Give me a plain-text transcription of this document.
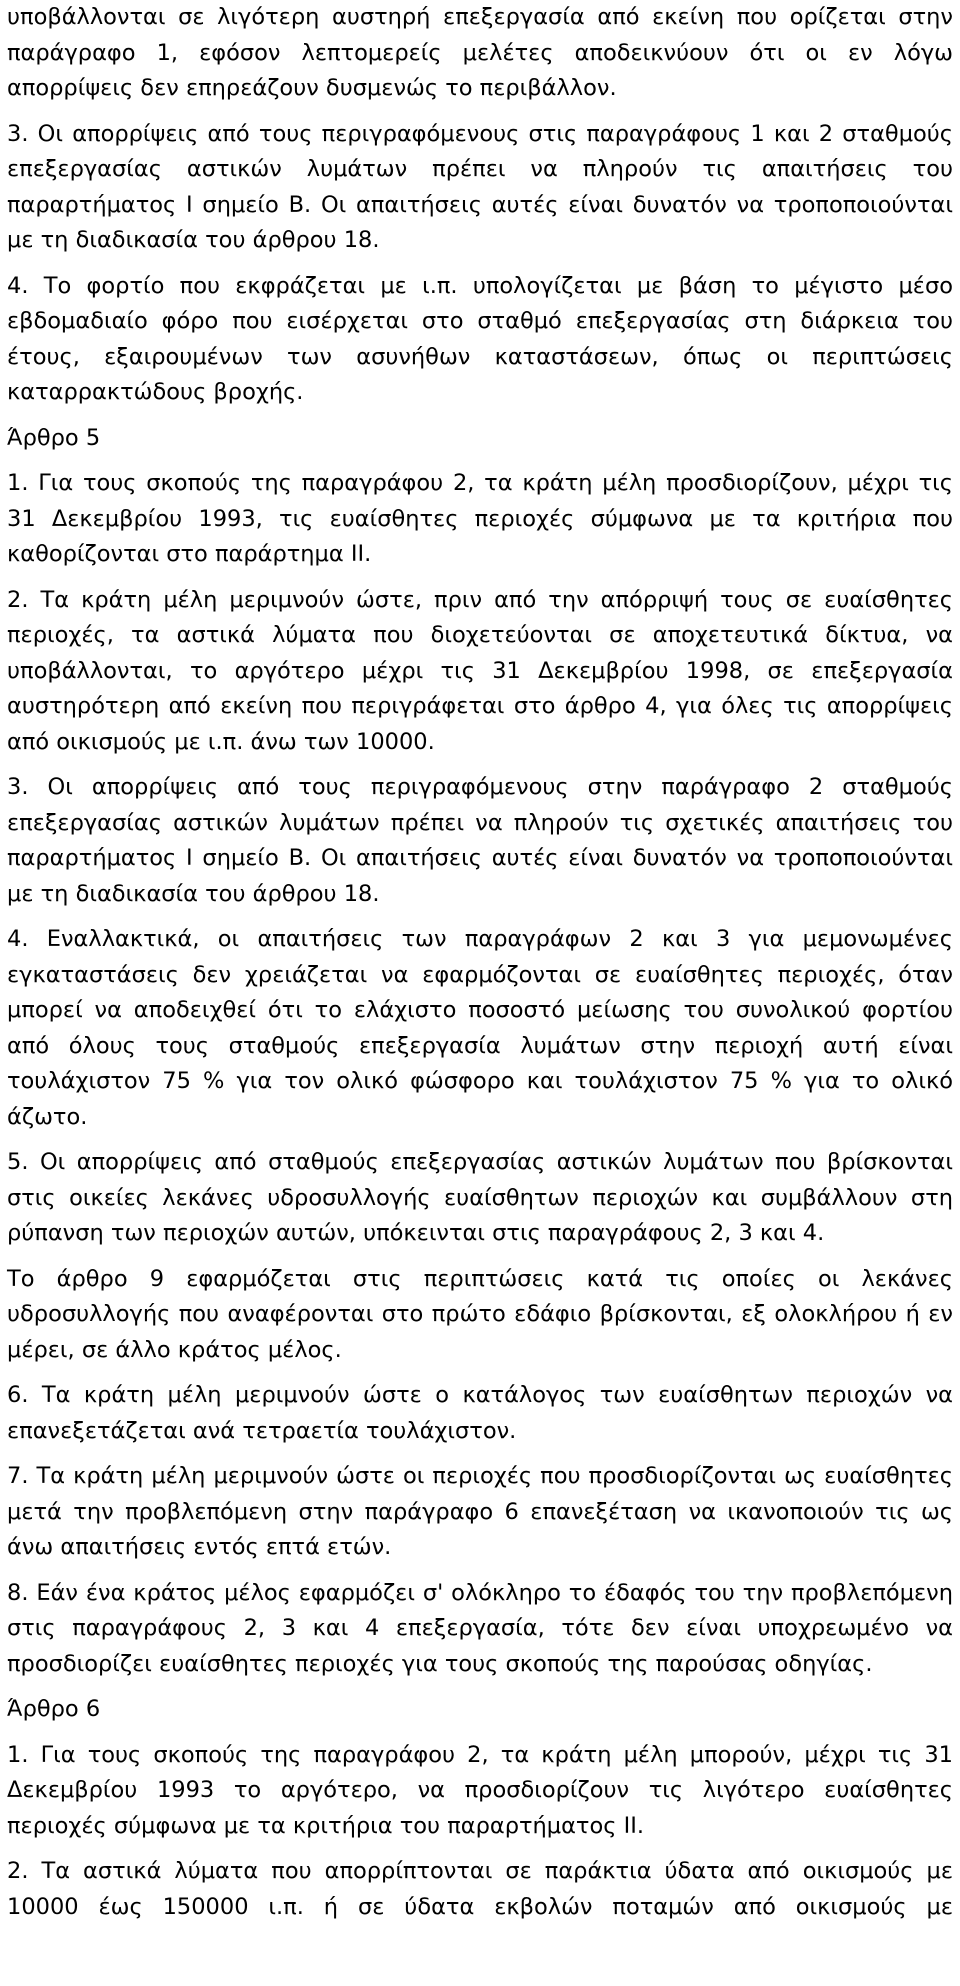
υποβάλλονται σε λιγότερη αυστηρή επεξεργασία από εκείνη που ορίζεται στην παράγραφο 1, εφόσον λεπτομερείς μελέτες αποδεικνύουν ότι οι εν λόγω απορρίψεις δεν επηρεάζουν δυσμενώς το περιβάλλον.

3. Οι απορρίψεις από τους περιγραφόμενους στις παραγράφους 1 και 2 σταθμούς επεξεργασίας αστικών λυμάτων πρέπει να πληρούν τις απαιτήσεις του παραρτήματος Ι σημείο Β. Οι απαιτήσεις αυτές είναι δυνατόν να τροποποιούνται με τη διαδικασία του άρθρου 18.

4. Το φορτίο που εκφράζεται με ι.π. υπολογίζεται με βάση το μέγιστο μέσο εβδομαδιαίο φόρο που εισέρχεται στο σταθμό επεξεργασίας στη διάρκεια του έτους, εξαιρουμένων των ασυνήθων καταστάσεων, όπως οι περιπτώσεις καταρρακτώδους βροχής.

Άρθρο 5

1. Για τους σκοπούς της παραγράφου 2, τα κράτη μέλη προσδιορίζουν, μέχρι τις 31 Δεκεμβρίου 1993, τις ευαίσθητες περιοχές σύμφωνα με τα κριτήρια που καθορίζονται στο παράρτημα ΙΙ.

2. Τα κράτη μέλη μεριμνούν ώστε, πριν από την απόρριψή τους σε ευαίσθητες περιοχές, τα αστικά λύματα που διοχετεύονται σε αποχετευτικά δίκτυα, να υποβάλλονται, το αργότερο μέχρι τις 31 Δεκεμβρίου 1998, σε επεξεργασία αυστηρότερη από εκείνη που περιγράφεται στο άρθρο 4, για όλες τις απορρίψεις από οικισμούς με ι.π. άνω των 10000.

3. Οι απορρίψεις από τους περιγραφόμενους στην παράγραφο 2 σταθμούς επεξεργασίας αστικών λυμάτων πρέπει να πληρούν τις σχετικές απαιτήσεις του παραρτήματος Ι σημείο Β. Οι απαιτήσεις αυτές είναι δυνατόν να τροποποιούνται με τη διαδικασία του άρθρου 18.

4. Εναλλακτικά, οι απαιτήσεις των παραγράφων 2 και 3 για μεμονωμένες εγκαταστάσεις δεν χρειάζεται να εφαρμόζονται σε ευαίσθητες περιοχές, όταν μπορεί να αποδειχθεί ότι το ελάχιστο ποσοστό μείωσης του συνολικού φορτίου από όλους τους σταθμούς επεξεργασία λυμάτων στην περιοχή αυτή είναι τουλάχιστον 75 % για τον ολικό φώσφορο και τουλάχιστον 75 % για το ολικό άζωτο.

5. Οι απορρίψεις από σταθμούς επεξεργασίας αστικών λυμάτων που βρίσκονται στις οικείες λεκάνες υδροσυλλογής ευαίσθητων περιοχών και συμβάλλουν στη ρύπανση των περιοχών αυτών, υπόκεινται στις παραγράφους 2, 3 και 4.

Το άρθρο 9 εφαρμόζεται στις περιπτώσεις κατά τις οποίες οι λεκάνες υδροσυλλογής που αναφέρονται στο πρώτο εδάφιο βρίσκονται, εξ ολοκλήρου ή εν μέρει, σε άλλο κράτος μέλος.

6. Τα κράτη μέλη μεριμνούν ώστε ο κατάλογος των ευαίσθητων περιοχών να επανεξετάζεται ανά τετραετία τουλάχιστον.

7. Τα κράτη μέλη μεριμνούν ώστε οι περιοχές που προσδιορίζονται ως ευαίσθητες μετά την προβλεπόμενη στην παράγραφο 6 επανεξέταση να ικανοποιούν τις ως άνω απαιτήσεις εντός επτά ετών.

8. Εάν ένα κράτος μέλος εφαρμόζει σ' ολόκληρο το έδαφός του την προβλεπόμενη στις παραγράφους 2, 3 και 4 επεξεργασία, τότε δεν είναι υποχρεωμένο να προσδιορίζει ευαίσθητες περιοχές για τους σκοπούς της παρούσας οδηγίας.

Άρθρο 6

1. Για τους σκοπούς της παραγράφου 2, τα κράτη μέλη μπορούν, μέχρι τις 31 Δεκεμβρίου 1993 το αργότερο, να προσδιορίζουν τις λιγότερο ευαίσθητες περιοχές σύμφωνα με τα κριτήρια του παραρτήματος ΙΙ.

2. Τα αστικά λύματα που απορρίπτονται σε παράκτια ύδατα από οικισμούς με 10000 έως 150000 ι.π. ή σε ύδατα εκβολών ποταμών από οικισμούς με
